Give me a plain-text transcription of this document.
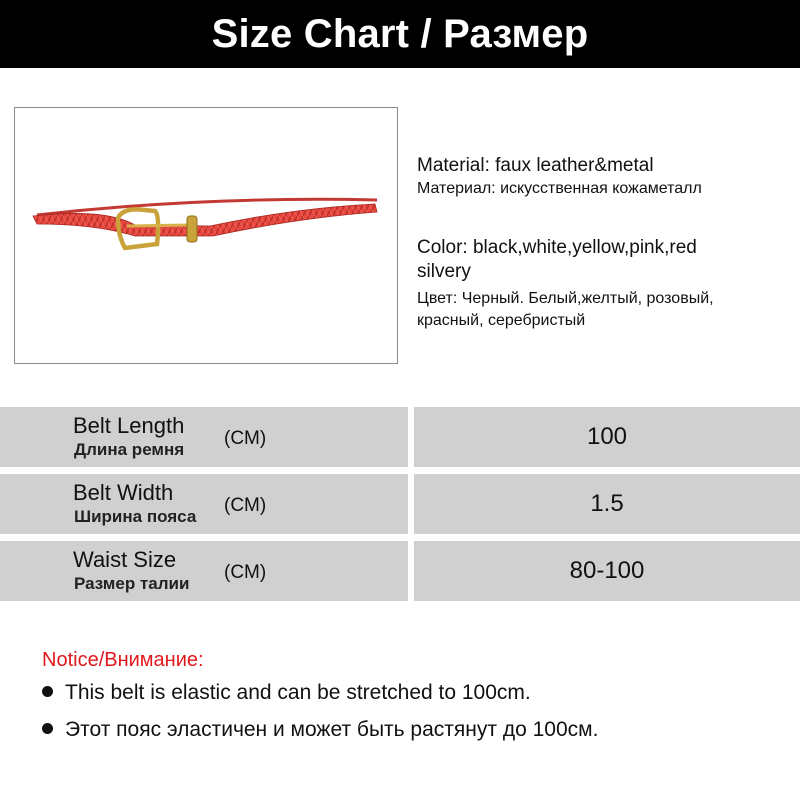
Size Chart / Размер
Material: faux leather&metal
Материал: искусственная кожаметалл
Color: black,white,yellow,pink,red
silvery
Цвет: Черный. Белый,желтый, розовый,
красный, серебристый
Belt Length
Длина ремня
(CM)	100
Belt Width
Ширина пояса
(CM)	1.5
Waist Size
Размер талии
(CM)	80-100
Notice/Внимание:
This belt is elastic and can be stretched to 100cm.
Этот пояс эластичен и может быть растянут до 100см.
